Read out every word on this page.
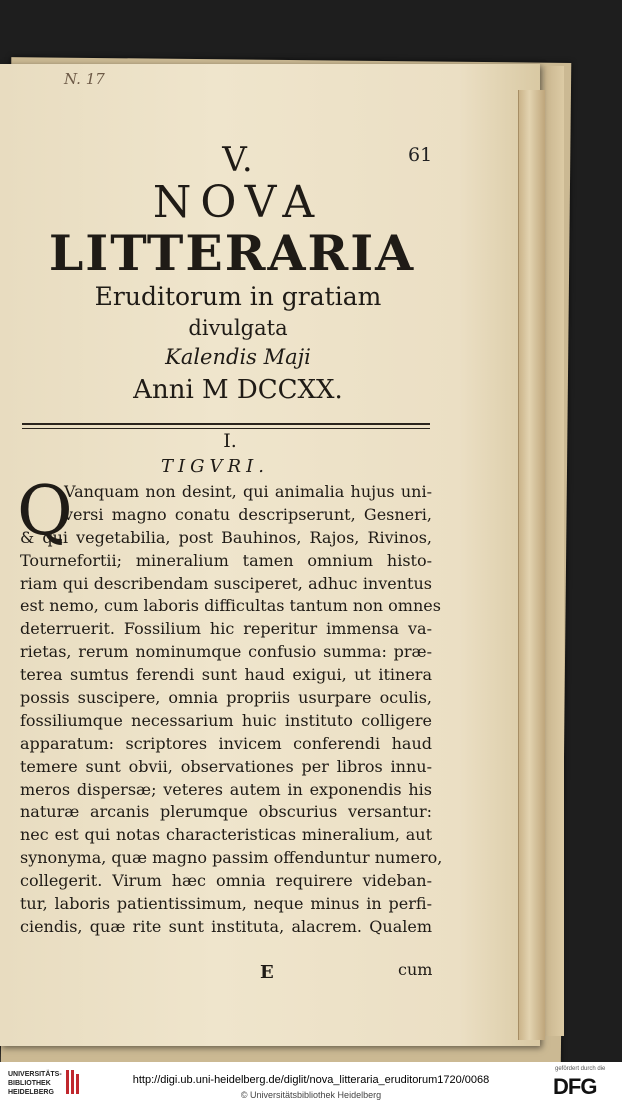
N. 17
61
V.
NOVA
LITTERARIA
Eruditorum in gratiam
divulgata
Kalendis Maji
Anni M DCCXX.
I.
TIGVRI.
Q
Vanquam non desint, qui animalia hujus uni-
versi magno conatu descripserunt, Gesneri,
& qui vegetabilia, post Bauhinos, Rajos, Rivinos,
Tournefortii; mineralium tamen omnium histo-
riam qui describendam susciperet, adhuc inventus
est nemo, cum laboris difficultas tantum non omnes
deterruerit. Fossilium hic reperitur immensa va-
rietas, rerum nominumque confusio summa: præ-
terea sumtus ferendi sunt haud exigui, ut itinera
possis suscipere, omnia propriis usurpare oculis,
fossiliumque necessarium huic instituto colligere
apparatum: scriptores invicem conferendi haud
temere sunt obvii, observationes per libros innu-
meros dispersæ; veteres autem in exponendis his
naturæ arcanis plerumque obscurius versantur:
nec est qui notas characteristicas mineralium, aut
synonyma, quæ magno passim offenduntur numero,
collegerit. Virum hæc omnia requirere videban-
tur, laboris patientissimum, neque minus in perfi-
ciendis, quæ rite sunt instituta, alacrem. Qualem
E	cum
UNIVERSITÄTS-
BIBLIOTHEK
HEIDELBERG
http://digi.ub.uni-heidelberg.de/diglit/nova_litteraria_eruditorum1720/0068
© Universitätsbibliothek Heidelberg
gefördert durch die
DFG
